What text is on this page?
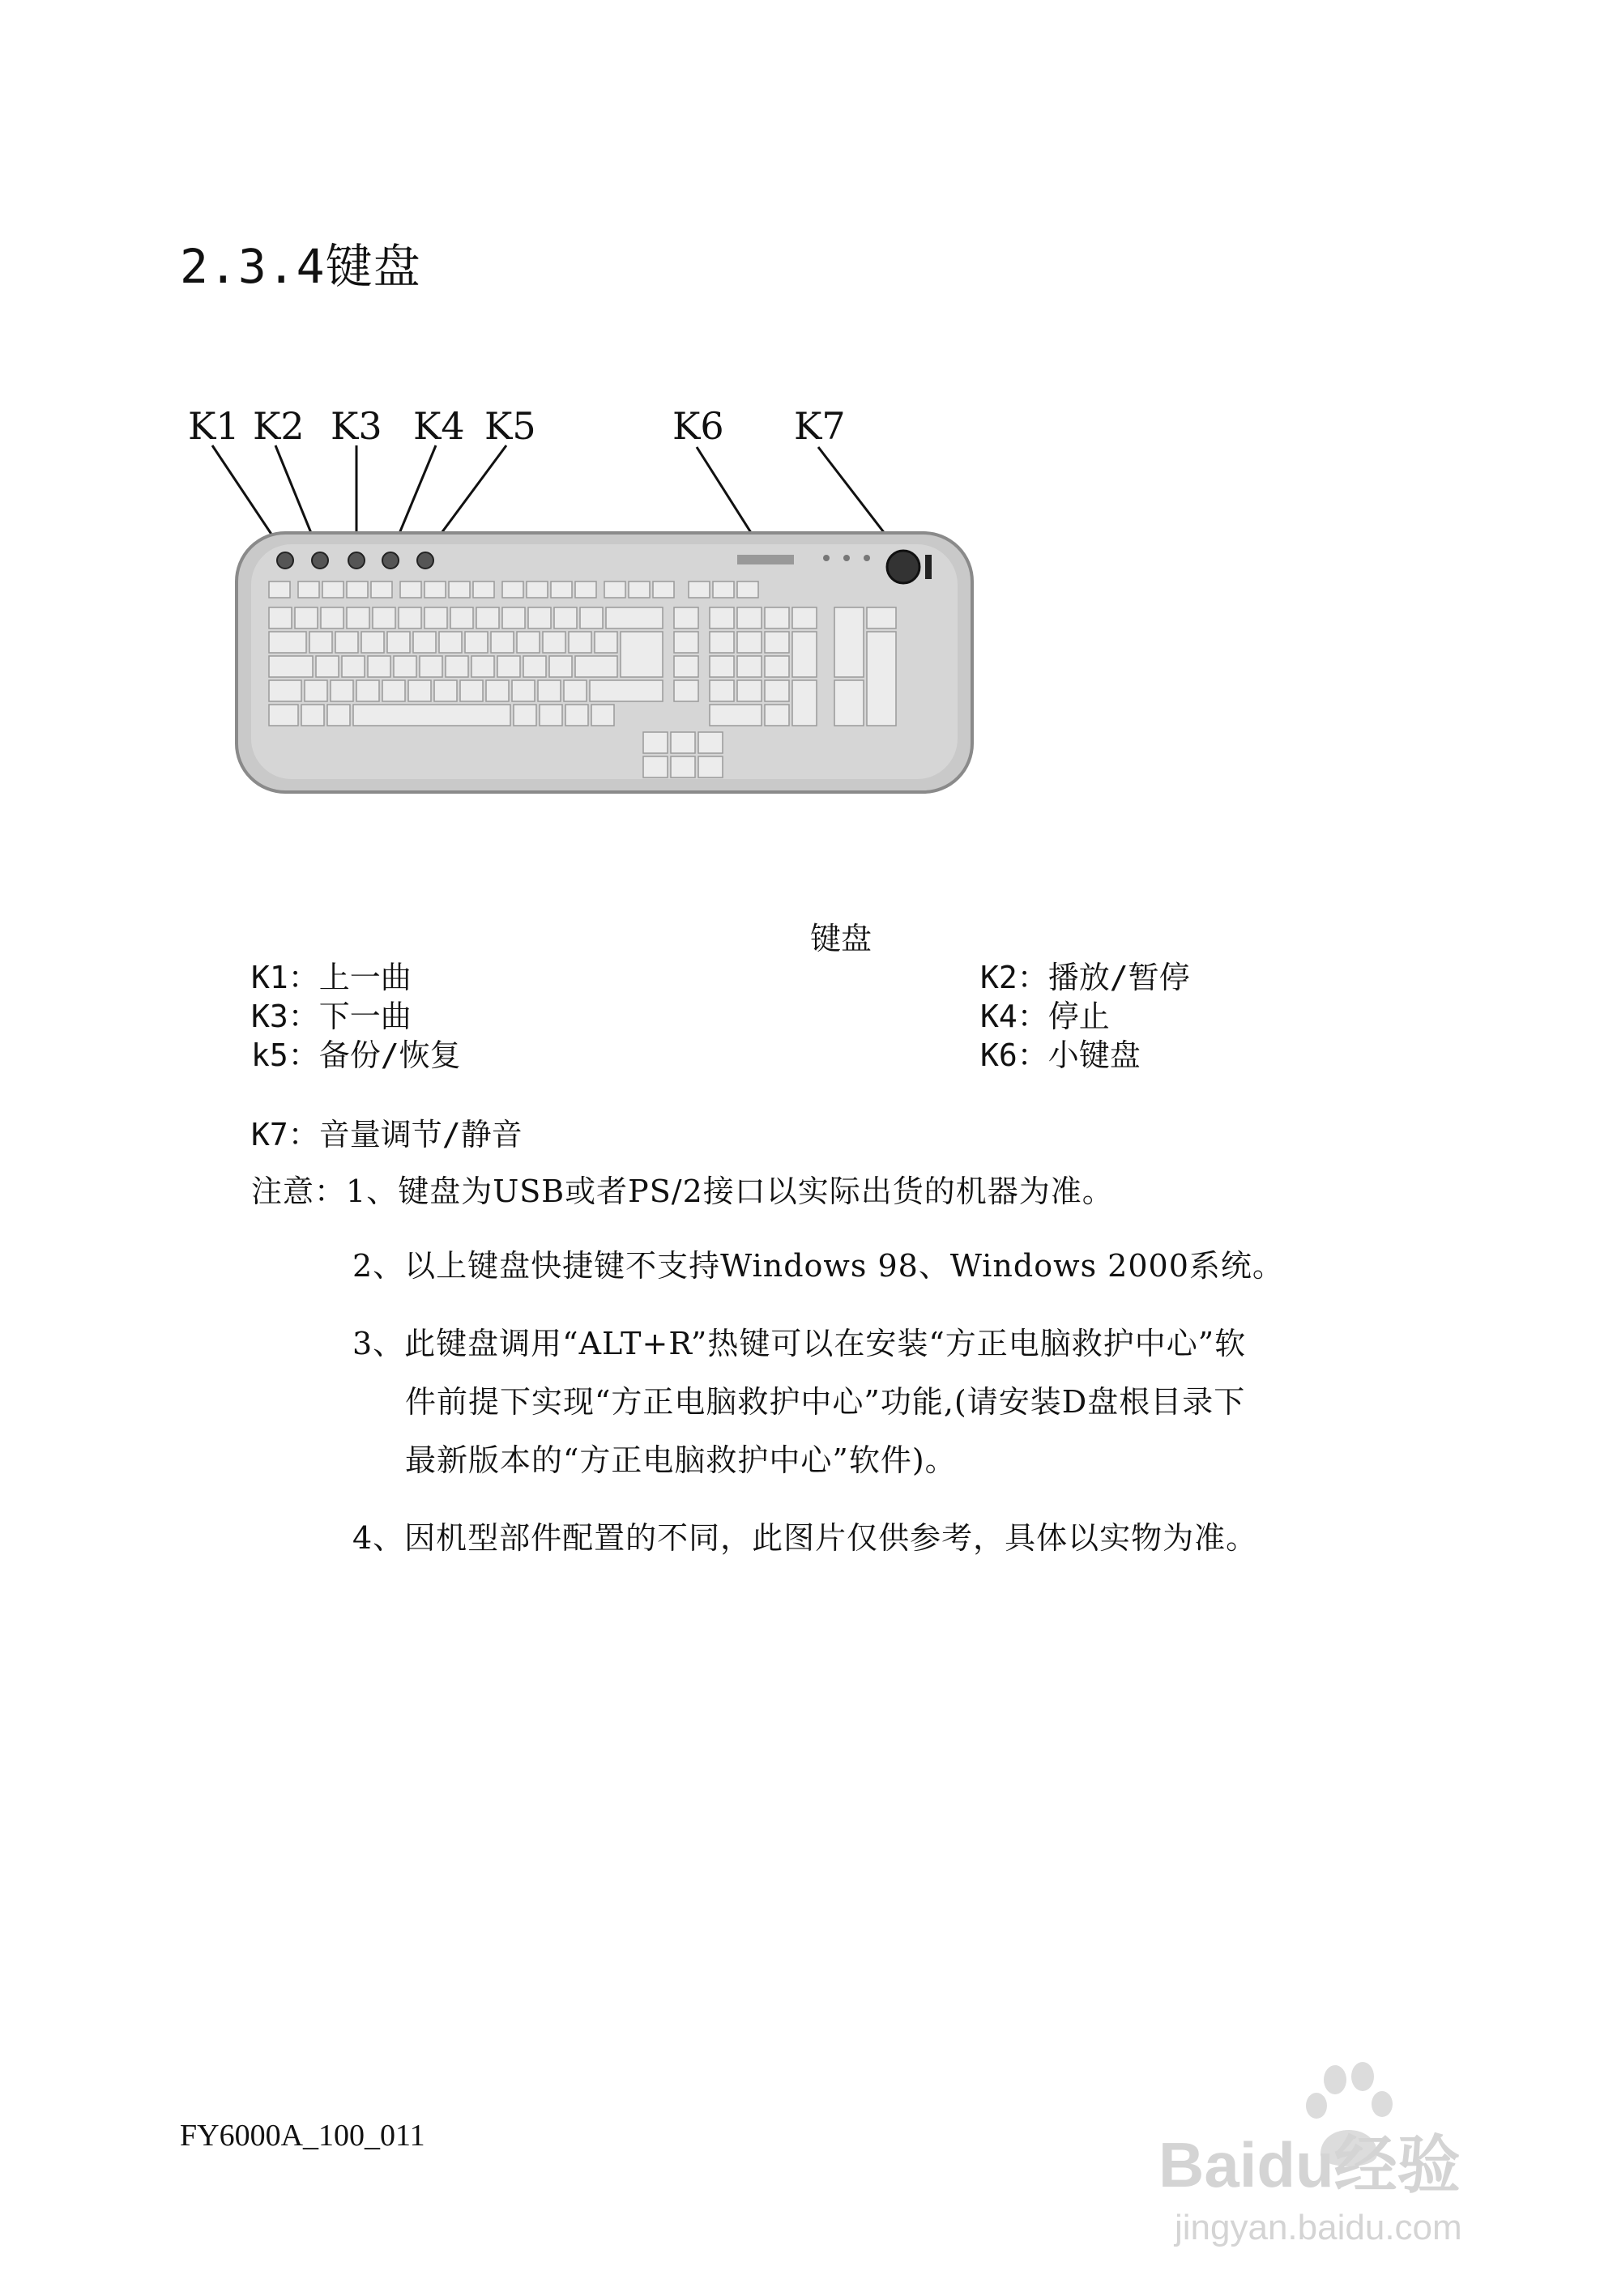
2.3.4键盘
K1 K2 K3 K4 K5	K6 K7
键盘
K1：上一曲	K2：播放/暂停
K3：下一曲	K4：停止
k5：备份/恢复	K6：小键盘
K7：音量调节/静音
注意：1、键盘为USB或者PS/2接口以实际出货的机器为准。
2、以上键盘快捷键不支持Windows 98、Windows 2000系统。
3、此键盘调用“ALT+R”热键可以在安装“方正电脑救护中心”软
件前提下实现“方正电脑救护中心”功能,(请安装D盘根目录下
最新版本的“方正电脑救护中心”软件)。
4、因机型部件配置的不同，此图片仅供参考，具体以实物为准。
FY6000A_100_011	Baidu经验
jingyan.baidu.com
